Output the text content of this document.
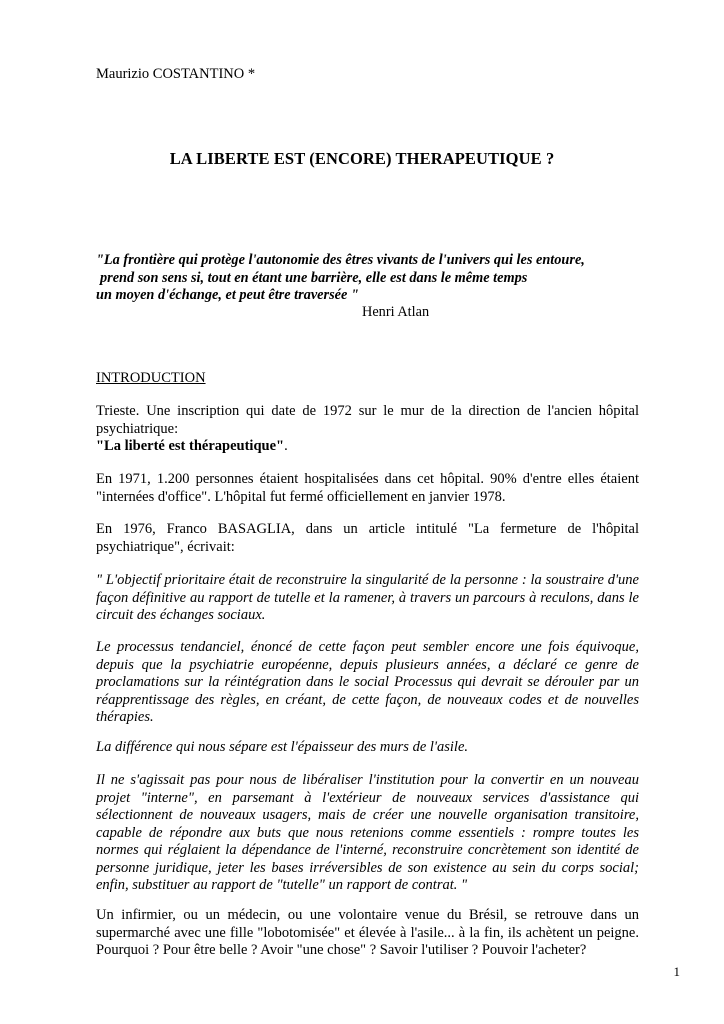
Maurizio COSTANTINO *
LA LIBERTE EST (ENCORE) THERAPEUTIQUE ?
"La frontière qui protège l'autonomie des êtres vivants de l'univers qui les entoure,
prend son sens si, tout en étant une barrière, elle est dans le même temps
un moyen d'échange, et peut être traversée "
Henri Atlan
INTRODUCTION
Trieste. Une inscription qui date de 1972 sur le mur de la direction de l'ancien hôpital psychiatrique:
"La liberté est thérapeutique".
En 1971, 1.200 personnes étaient hospitalisées dans cet hôpital. 90% d'entre elles étaient "internées d'office". L'hôpital fut fermé officiellement en janvier 1978.
En 1976, Franco BASAGLIA, dans un article intitulé "La fermeture de l'hôpital psychiatrique", écrivait:
" L'objectif prioritaire était de reconstruire la singularité de la personne : la soustraire d'une façon définitive au rapport de tutelle et la ramener, à travers un parcours à reculons, dans le circuit des échanges sociaux.
Le processus tendanciel, énoncé de cette façon peut sembler encore une fois équivoque, depuis que la psychiatrie européenne, depuis plusieurs années, a déclaré ce genre de proclamations sur la réintégration dans le social Processus qui devrait se dérouler par un réapprentissage des règles, en créant, de cette façon, de nouveaux codes et de nouvelles thérapies.
La différence qui nous sépare est l'épaisseur des murs de l'asile.
Il ne s'agissait pas pour nous de libéraliser l'institution pour la convertir en un nouveau projet "interne", en parsemant à l'extérieur de nouveaux services d'assistance qui sélectionnent de nouveaux usagers, mais de créer une nouvelle organisation transitoire, capable de répondre aux buts que nous retenions comme essentiels : rompre toutes les normes qui réglaient la dépendance de l'interné, reconstruire concrètement son identité de personne juridique, jeter les bases irréversibles de son existence au sein du corps social; enfin, substituer au rapport de "tutelle" un rapport de contrat. "
Un infirmier, ou un médecin, ou une volontaire venue du Brésil, se retrouve dans un supermarché avec une fille "lobotomisée" et élevée à l'asile... à la fin, ils achètent un peigne. Pourquoi ? Pour être belle ? Avoir "une chose" ? Savoir l'utiliser ? Pouvoir l'acheter?
1
